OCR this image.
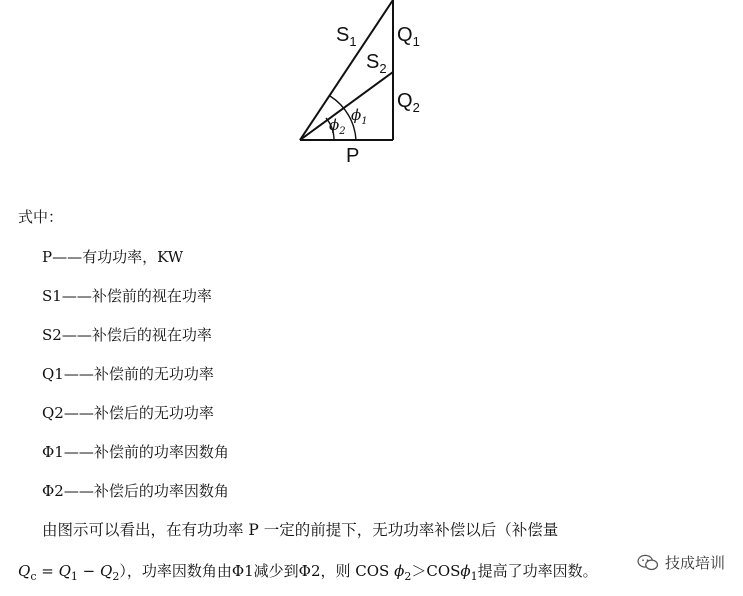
$S_1$ $Q_1$
$S_2$
$Q_2$
P
$\phi_1$
$\phi_2$
式中：
P——有功功率，KW
S1——补偿前的视在功率
S2——补偿后的视在功率
Q1——补偿前的无功功率
Q2——补偿后的无功功率
Φ1——补偿前的功率因数角
Φ2——补偿后的功率因数角
由图示可以看出，在有功功率 P 一定的前提下，无功功率补偿以后（补偿量
$Q_c = Q_1 - Q_2$），功率因数角由Φ1减少到Φ2，则 COS $\phi_2>COS\phi_1$提高了功率因数。	技成培训
